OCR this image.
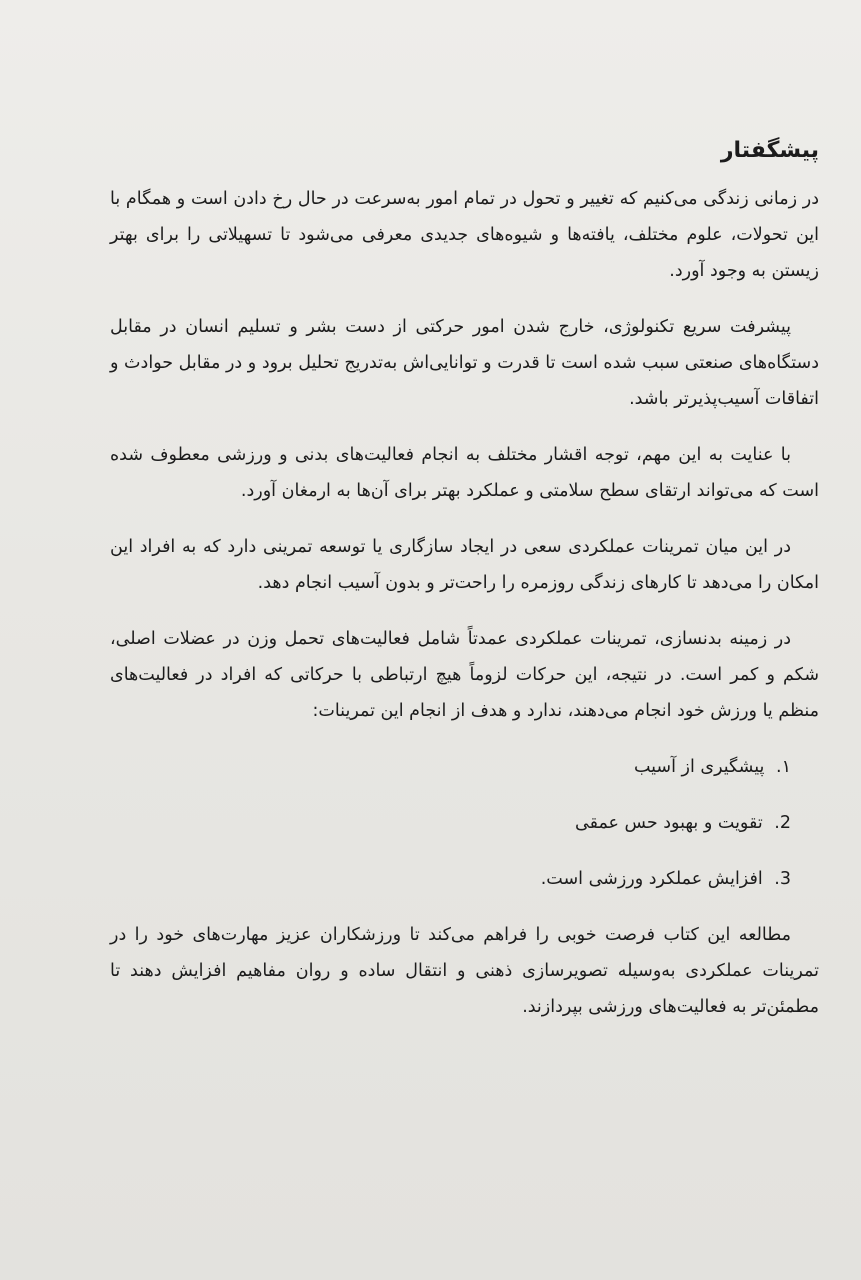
پیشگفتار

در زمانی زندگی می‌کنیم که تغییر و تحول در تمام امور به‌سرعت در حال رخ دادن است و همگام با این تحولات، علوم مختلف، یافته‌ها و شیوه‌های جدیدی معرفی می‌شود تا تسهیلاتی را برای بهتر زیستن به وجود آورد.

پیشرفت سریع تکنولوژی، خارج شدن امور حرکتی از دست بشر و تسلیم انسان در مقابل دستگاه‌های صنعتی سبب شده است تا قدرت و توانایی‌اش به‌تدریج تحلیل برود و در مقابل حوادث و اتفاقات آسیب‌پذیرتر باشد.

با عنایت به این مهم، توجه اقشار مختلف به انجام فعالیت‌های بدنی و ورزشی معطوف شده است که می‌تواند ارتقای سطح سلامتی و عملکرد بهتر برای آن‌ها به ارمغان آورد.

در این میان تمرینات عملکردی سعی در ایجاد سازگاری یا توسعه تمرینی دارد که به افراد این امکان را می‌دهد تا کارهای زندگی روزمره را راحت‌تر و بدون آسیب انجام دهد.

در زمینه بدنسازی، تمرینات عملکردی عمدتاً شامل فعالیت‌های تحمل وزن در عضلات اصلی، شکم و کمر است. در نتیجه، این حرکات لزوماً هیچ ارتباطی با حرکاتی که افراد در فعالیت‌های منظم یا ورزش خود انجام می‌دهند، ندارد و هدف از انجام این تمرینات:

۱. پیشگیری از آسیب
2. تقویت و بهبود حس عمقی
3. افزایش عملکرد ورزشی است.

مطالعه این کتاب فرصت خوبی را فراهم می‌کند تا ورزشکاران عزیز مهارت‌های خود را در تمرینات عملکردی به‌وسیله تصویرسازی ذهنی و انتقال ساده و روان مفاهیم افزایش دهند تا مطمئن‌تر به فعالیت‌های ورزشی بپردازند.
